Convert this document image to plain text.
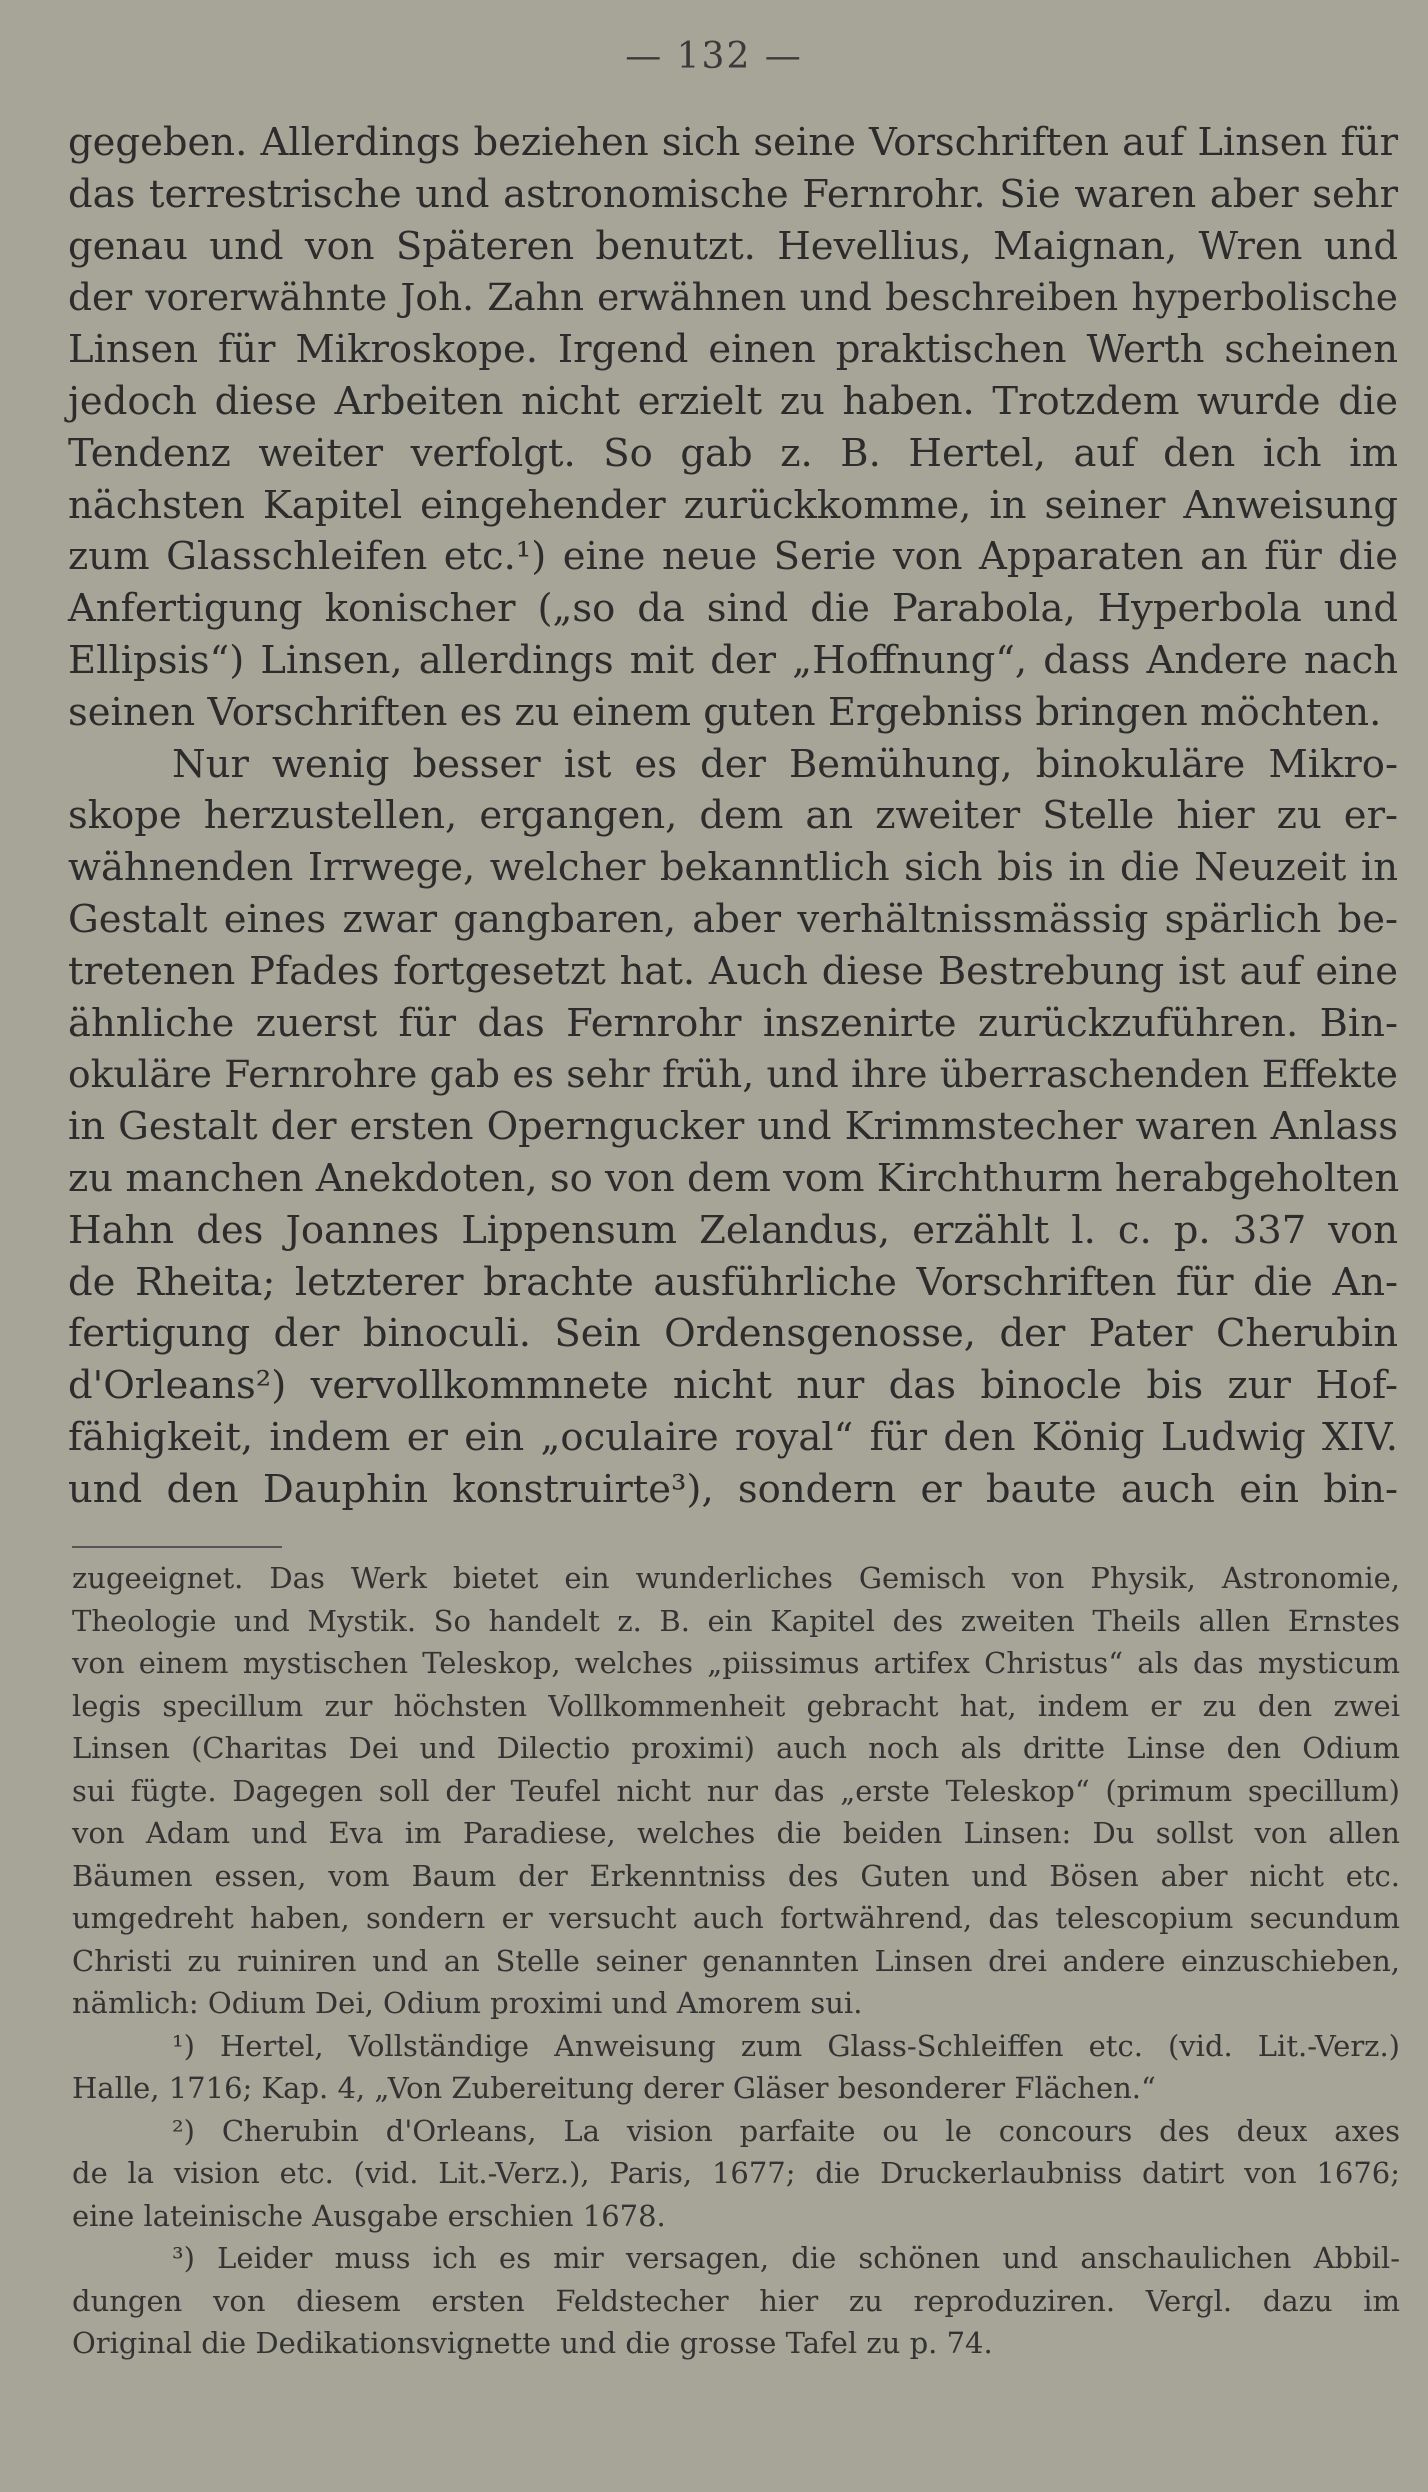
— 132 —
gegeben. Allerdings beziehen sich seine Vorschriften auf Linsen für
das terrestrische und astronomische Fernrohr. Sie waren aber sehr
genau und von Späteren benutzt. Hevellius, Maignan, Wren und
der vorerwähnte Joh. Zahn erwähnen und beschreiben hyperbolische
Linsen für Mikroskope. Irgend einen praktischen Werth scheinen
jedoch diese Arbeiten nicht erzielt zu haben. Trotzdem wurde die
Tendenz weiter verfolgt. So gab z. B. Hertel, auf den ich im
nächsten Kapitel eingehender zurückkomme, in seiner Anweisung
zum Glasschleifen etc.¹) eine neue Serie von Apparaten an für die
Anfertigung konischer („so da sind die Parabola, Hyperbola und
Ellipsis“) Linsen, allerdings mit der „Hoffnung“, dass Andere nach
seinen Vorschriften es zu einem guten Ergebniss bringen möchten.
Nur wenig besser ist es der Bemühung, binokuläre Mikro-
skope herzustellen, ergangen, dem an zweiter Stelle hier zu er-
wähnenden Irrwege, welcher bekanntlich sich bis in die Neuzeit in
Gestalt eines zwar gangbaren, aber verhältnissmässig spärlich be-
tretenen Pfades fortgesetzt hat. Auch diese Bestrebung ist auf eine
ähnliche zuerst für das Fernrohr inszenirte zurückzuführen. Bin-
okuläre Fernrohre gab es sehr früh, und ihre überraschenden Effekte
in Gestalt der ersten Operngucker und Krimmstecher waren Anlass
zu manchen Anekdoten, so von dem vom Kirchthurm herabgeholten
Hahn des Joannes Lippensum Zelandus, erzählt l. c. p. 337 von
de Rheita; letzterer brachte ausführliche Vorschriften für die An-
fertigung der binoculi. Sein Ordensgenosse, der Pater Cherubin
d'Orleans²) vervollkommnete nicht nur das binocle bis zur Hof-
fähigkeit, indem er ein „oculaire royal“ für den König Ludwig XIV.
und den Dauphin konstruirte³), sondern er baute auch ein bin-
zugeeignet. Das Werk bietet ein wunderliches Gemisch von Physik, Astronomie,
Theologie und Mystik. So handelt z. B. ein Kapitel des zweiten Theils allen Ernstes
von einem mystischen Teleskop, welches „piissimus artifex Christus“ als das mysticum
legis specillum zur höchsten Vollkommenheit gebracht hat, indem er zu den zwei
Linsen (Charitas Dei und Dilectio proximi) auch noch als dritte Linse den Odium
sui fügte. Dagegen soll der Teufel nicht nur das „erste Teleskop“ (primum specillum)
von Adam und Eva im Paradiese, welches die beiden Linsen: Du sollst von allen
Bäumen essen, vom Baum der Erkenntniss des Guten und Bösen aber nicht etc.
umgedreht haben, sondern er versucht auch fortwährend, das telescopium secundum
Christi zu ruiniren und an Stelle seiner genannten Linsen drei andere einzuschieben,
nämlich: Odium Dei, Odium proximi und Amorem sui.
¹) Hertel, Vollständige Anweisung zum Glass-Schleiffen etc. (vid. Lit.-Verz.)
Halle, 1716; Kap. 4, „Von Zubereitung derer Gläser besonderer Flächen.“
²) Cherubin d'Orleans, La vision parfaite ou le concours des deux axes
de la vision etc. (vid. Lit.-Verz.), Paris, 1677; die Druckerlaubniss datirt von 1676;
eine lateinische Ausgabe erschien 1678.
³) Leider muss ich es mir versagen, die schönen und anschaulichen Abbil-
dungen von diesem ersten Feldstecher hier zu reproduziren. Vergl. dazu im
Original die Dedikationsvignette und die grosse Tafel zu p. 74.
